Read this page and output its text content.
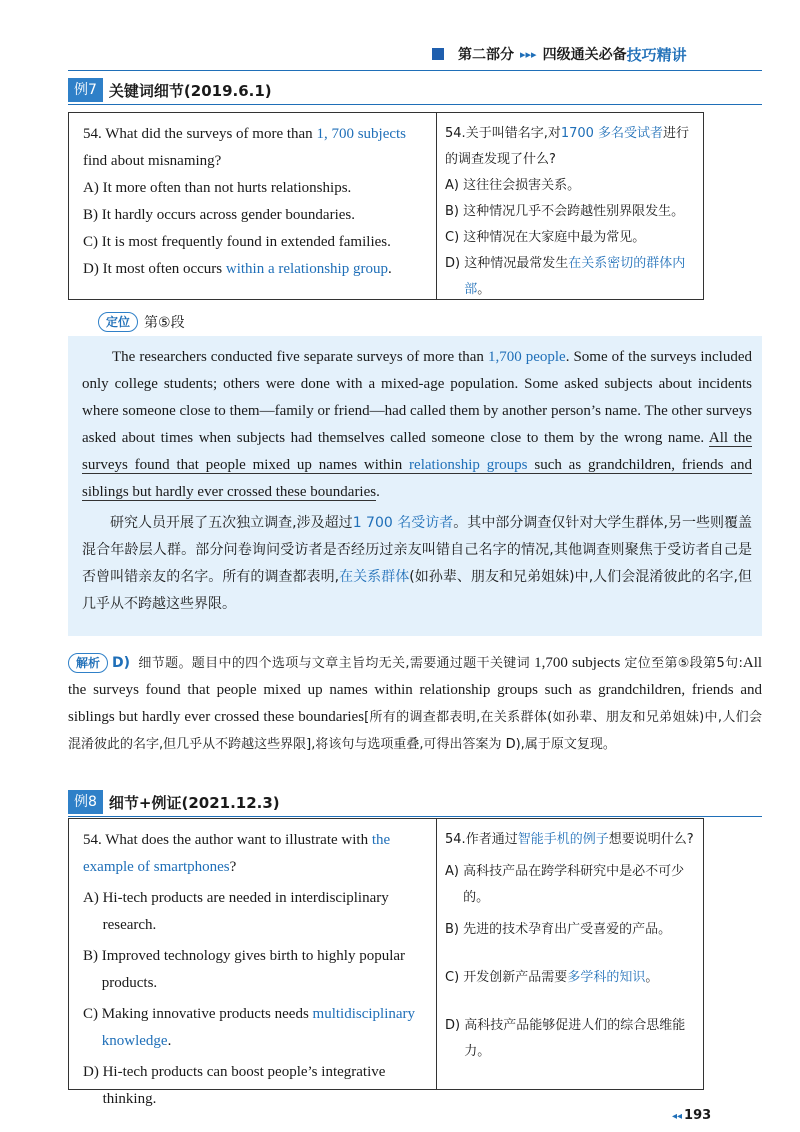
第二部分 ▸▸▸ 四级通关必备 技巧精讲
例7 关键词细节(2019.6.1)
54. What did the surveys of more than 1, 700 subjects find about misnaming?
A)
It more often than not hurts relationships.
B)
It hardly occurs across gender boundaries.
C)
It is most frequently found in extended families.
D)
It most often occurs within a relationship group.
54.关于叫错名字,对1700 多名受试者进行的调查发现了什么?
A)
这往往会损害关系。
B)
这种情况几乎不会跨越性别界限发生。
C)
这种情况在大家庭中最为常见。
D)
这种情况最常发生在关系密切的群体内部。
定位	第⑤段

The researchers conducted five separate surveys of more than 1,700 people. Some of the surveys included only college students; others were done with a mixed-age population. Some asked subjects about incidents where someone close to them—family or friend—had called them by another person’s name. The other surveys asked about times when subjects had themselves called someone close to them by the wrong name. All the surveys found that people mixed up names within relationship groups such as grandchildren, friends and siblings but hardly ever crossed these boundaries.

研究人员开展了五次独立调查,涉及超过1 700 名受访者。其中部分调查仅针对大学生群体,另一些则覆盖混合年龄层人群。部分问卷询问受访者是否经历过亲友叫错自己名字的情况,其他调查则聚焦于受访者自己是否曾叫错亲友的名字。所有的调查都表明,在关系群体(如孙辈、朋友和兄弟姐妹)中,人们会混淆彼此的名字,但几乎从不跨越这些界限。

解析 D) 细节题。题目中的四个选项与文章主旨均无关,需要通过题干关键词 1,700 subjects 定位至第⑤段第5句:All the surveys found that people mixed up names within relationship groups such as grandchildren, friends and siblings but hardly ever crossed these boundaries[所有的调查都表明,在关系群体(如孙辈、朋友和兄弟姐妹)中,人们会混淆彼此的名字,但几乎从不跨越这些界限],将该句与选项重叠,可得出答案为 D),属于原文复现。
例8 细节+例证(2021.12.3)
54. What does the author want to illustrate with the example of smartphones?
A)
Hi-tech products are needed in interdisciplinary research.
B)
Improved technology gives birth to highly popular products.
C)
Making innovative products needs multidisciplinary knowledge.
D)
Hi-tech products can boost people’s integrative thinking.
54.作者通过智能手机的例子想要说明什么?
A)
高科技产品在跨学科研究中是必不可少的。
B)
先进的技术孕育出广受喜爱的产品。
C)
开发创新产品需要多学科的知识。
D)
高科技产品能够促进人们的综合思维能力。
◂◂ 193
